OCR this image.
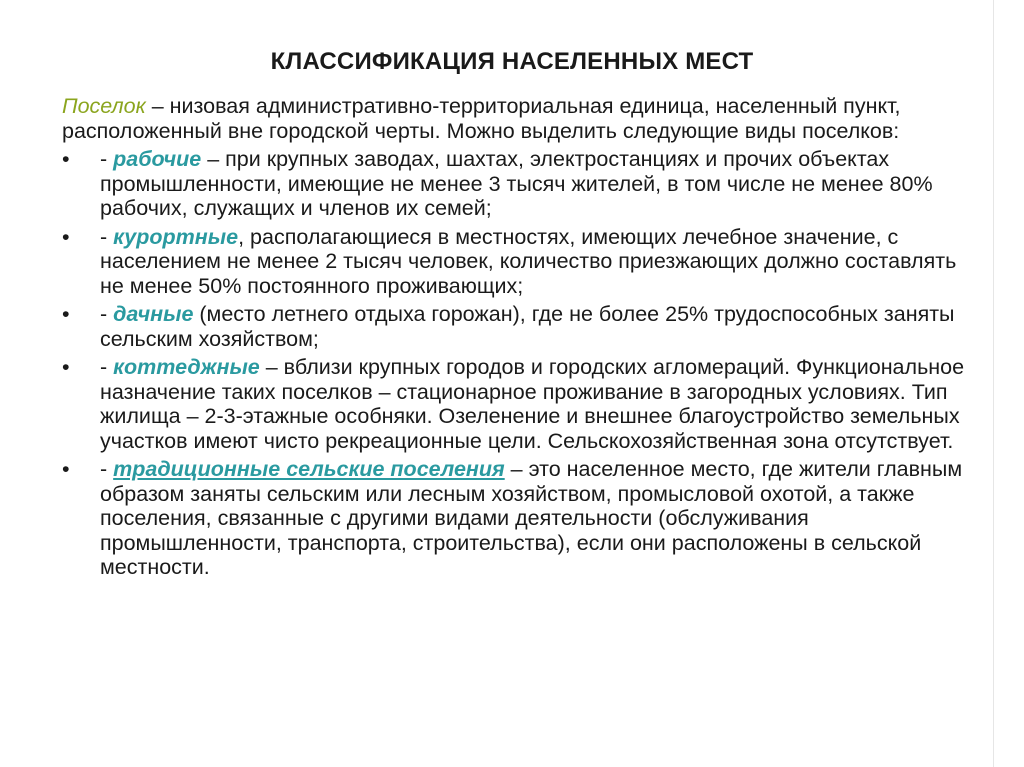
КЛАССИФИКАЦИЯ НАСЕЛЕННЫХ МЕСТ

Поселок – низовая административно-территориальная единица, населенный пункт, расположенный вне городской черты. Можно выделить следующие виды поселков:

•	- рабочие – при крупных заводах, шахтах, электростанциях и прочих объектах промышленности, имеющие не менее 3 тысяч жителей, в том числе не менее 80% рабочих, служащих и членов их семей;
•	- курортные, располагающиеся в местностях, имеющих лечебное значение, с населением не менее 2 тысяч человек, количество приезжающих должно составлять не менее 50% постоянного проживающих;
•	- дачные (место летнего отдыха горожан), где не более 25% трудоспособных заняты сельским хозяйством;
•	- коттеджные – вблизи крупных городов и городских агломераций. Функциональное назначение таких поселков – стационарное проживание в загородных условиях. Тип жилища – 2-3-этажные особняки. Озеленение и внешнее благоустройство земельных участков имеют чисто рекреационные цели. Сельскохозяйственная зона отсутствует.
•	- традиционные сельские поселения – это населенное место, где жители главным образом заняты сельским или лесным хозяйством, промысловой охотой, а также поселения, связанные с другими видами деятельности (обслуживания промышленности, транспорта, строительства), если они расположены в сельской местности.
